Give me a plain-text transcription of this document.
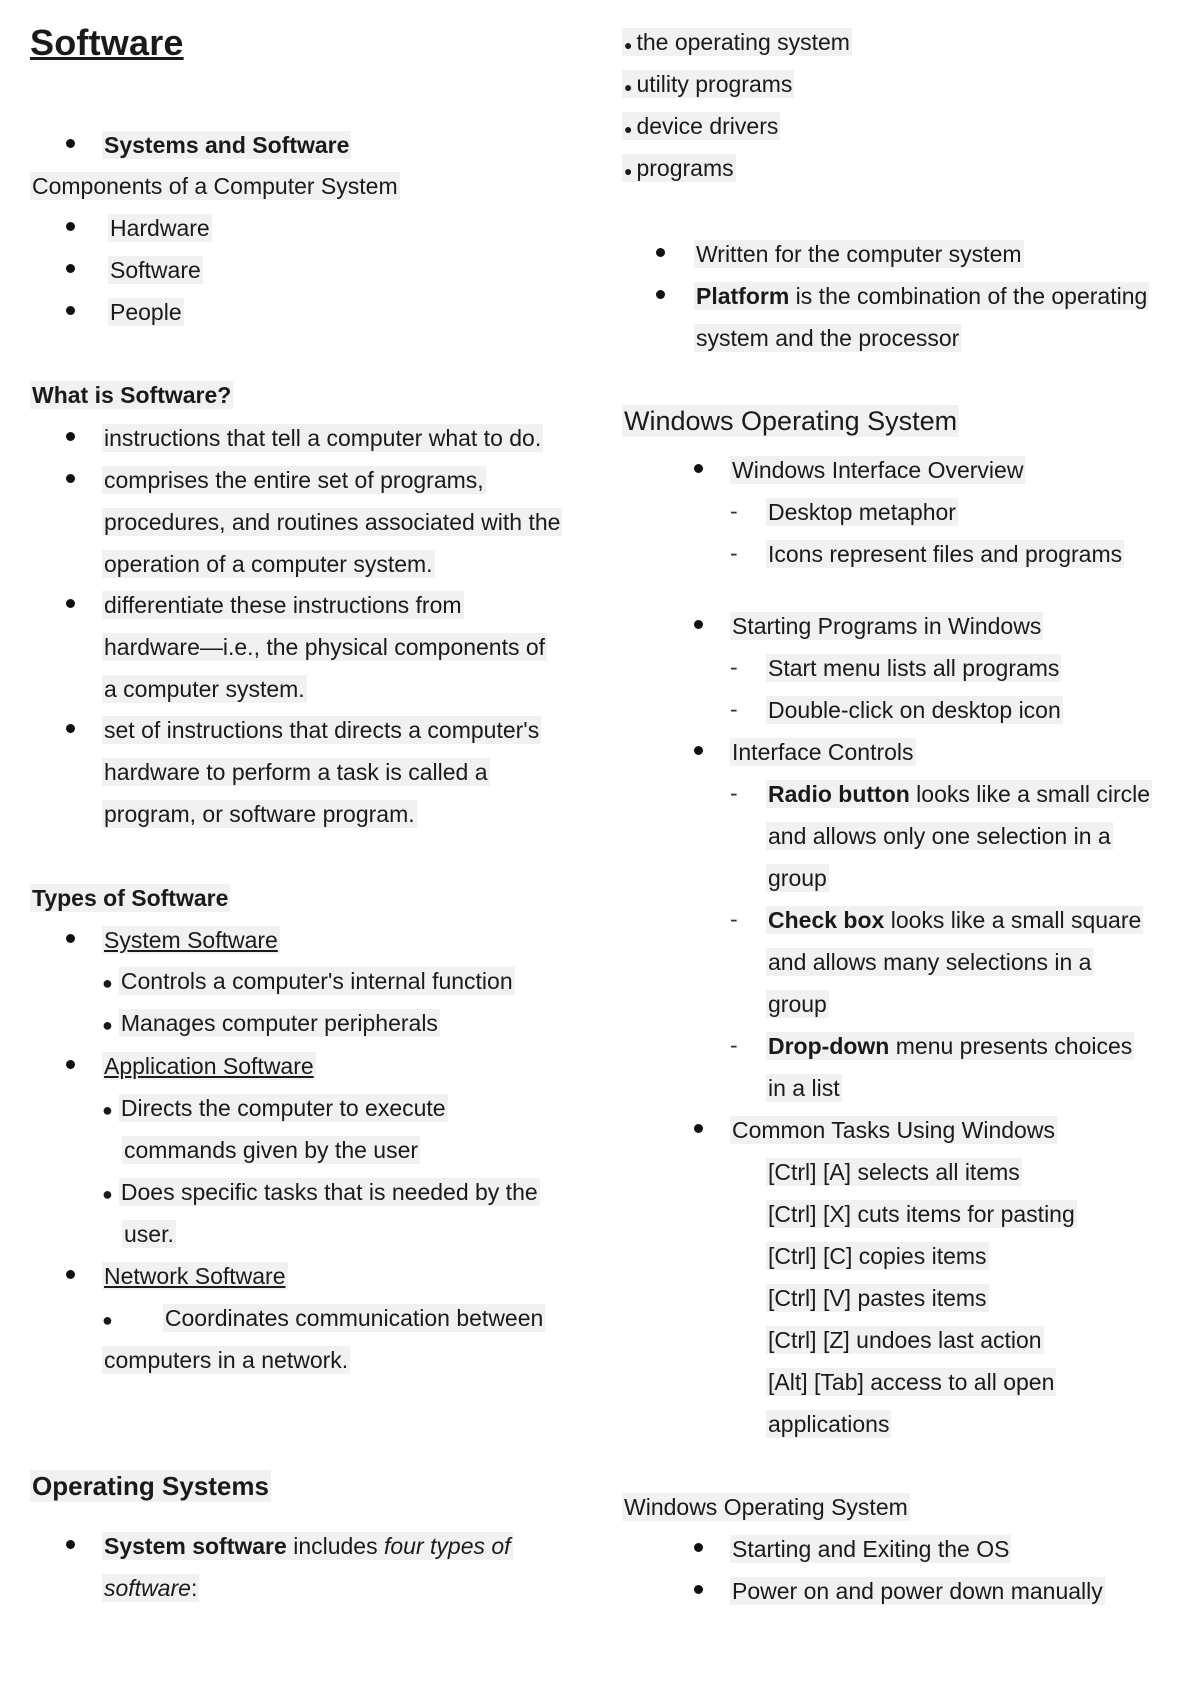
Software
Systems and Software
Components of a Computer System
Hardware
Software
People
What is Software?
instructions that tell a computer what to do.
comprises the entire set of programs,
procedures, and routines associated with the
operation of a computer system.
differentiate these instructions from
hardware—i.e., the physical components of
a computer system.
set of instructions that directs a computer's
hardware to perform a task is called a
program, or software program.
Types of Software
System Software
● Controls a computer's internal function
● Manages computer peripherals
Application Software
● Directs the computer to execute
commands given by the user
● Does specific tasks that is needed by the
user.
Network Software
● Coordinates communication between
computers in a network.
Operating Systems
System software includes four types of
software:
● the operating system
● utility programs
● device drivers
● programs
Written for the computer system
Platform is the combination of the operating
system and the processor
Windows Operating System
Windows Interface Overview
- Desktop metaphor
- Icons represent files and programs
Starting Programs in Windows
- Start menu lists all programs
- Double-click on desktop icon
Interface Controls
- Radio button looks like a small circle
and allows only one selection in a
group
- Check box looks like a small square
and allows many selections in a
group
- Drop-down menu presents choices
in a list
Common Tasks Using Windows
[Ctrl] [A] selects all items
[Ctrl] [X] cuts items for pasting
[Ctrl] [C] copies items
[Ctrl] [V] pastes items
[Ctrl] [Z] undoes last action
[Alt] [Tab] access to all open
applications
Windows Operating System
Starting and Exiting the OS
Power on and power down manually
